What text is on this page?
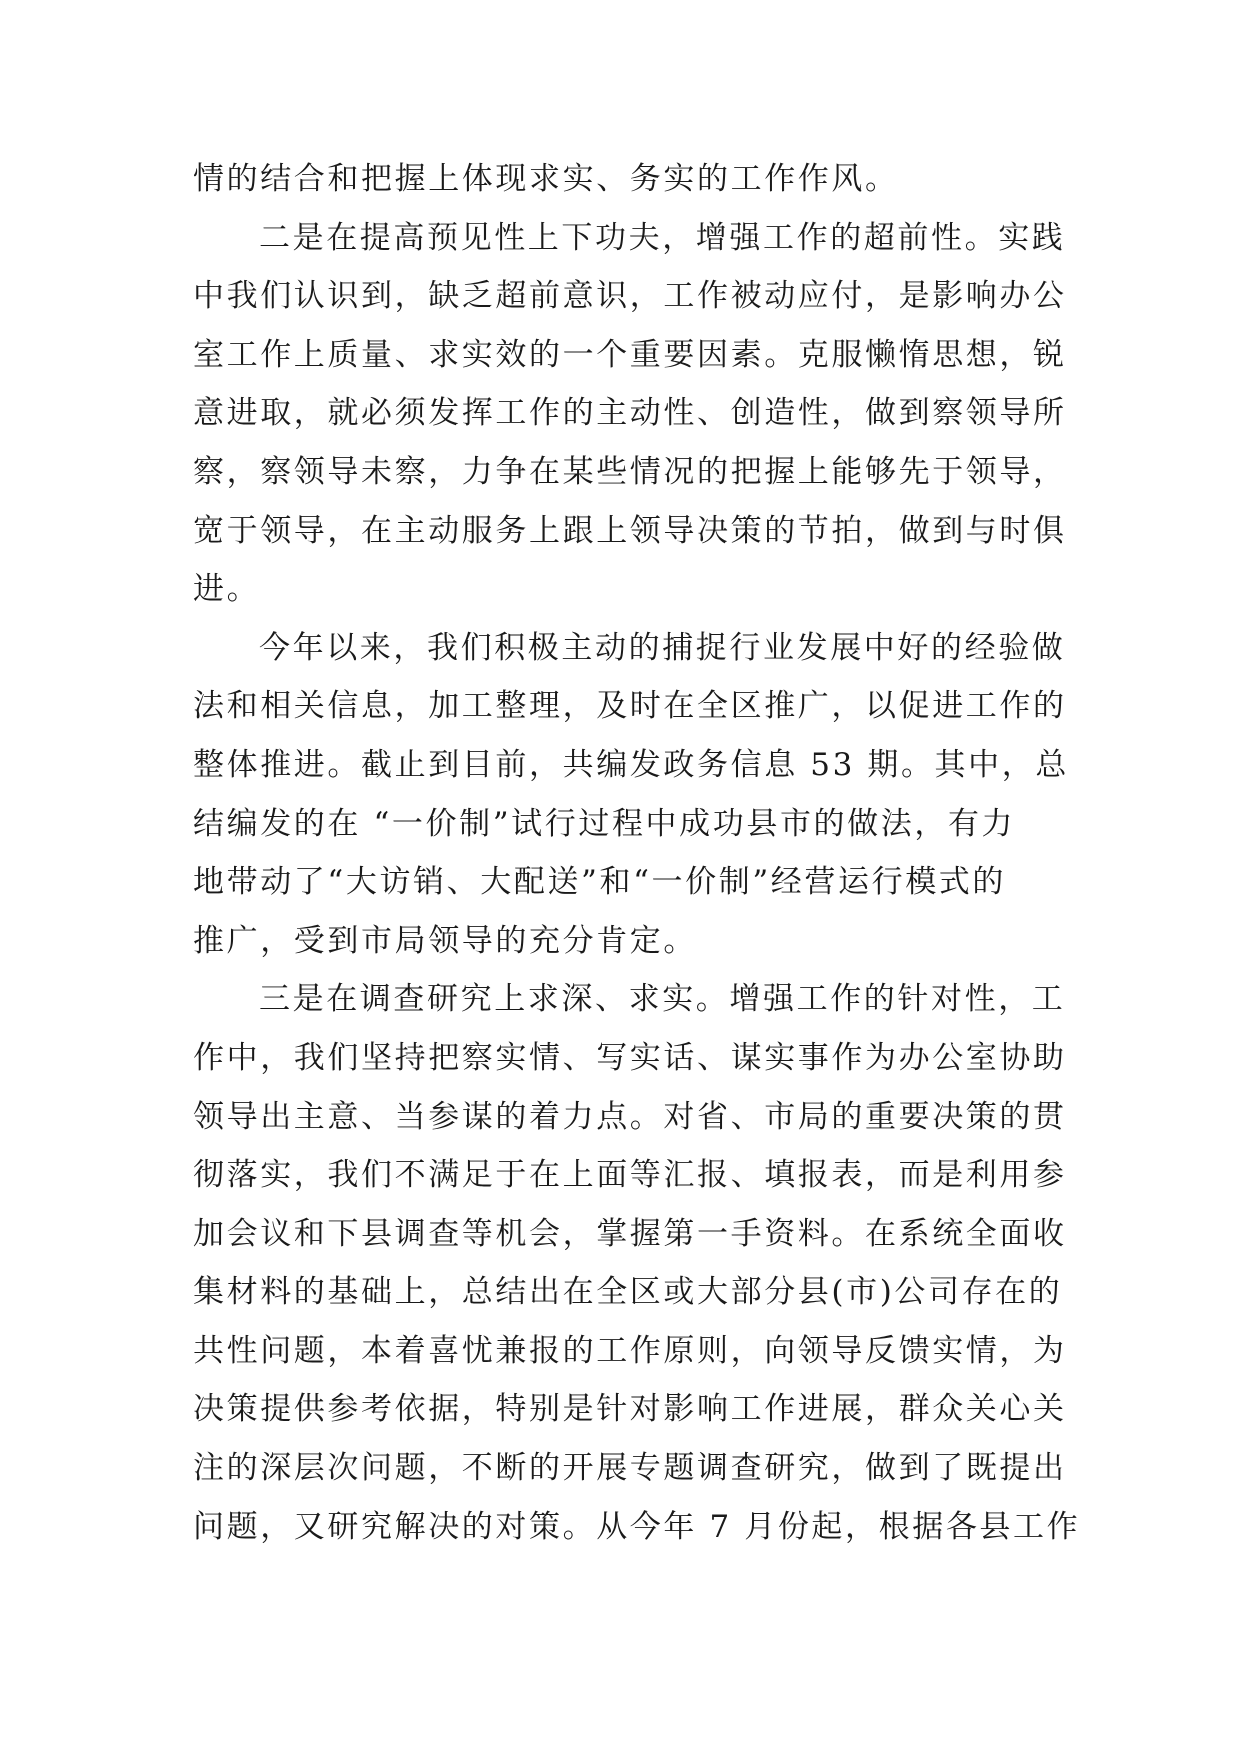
情的结合和把握上体现求实、务实的工作作风。
二是在提高预见性上下功夫，增强工作的超前性。实践
中我们认识到，缺乏超前意识，工作被动应付，是影响办公
室工作上质量、求实效的一个重要因素。克服懒惰思想，锐
意进取，就必须发挥工作的主动性、创造性，做到察领导所
察，察领导未察，力争在某些情况的把握上能够先于领导，
宽于领导，在主动服务上跟上领导决策的节拍，做到与时俱
进。
今年以来，我们积极主动的捕捉行业发展中好的经验做
法和相关信息，加工整理，及时在全区推广，以促进工作的
整体推进。截止到目前，共编发政务信息 53 期。其中，总
结编发的在 “一价制”试行过程中成功县市的做法，有力
地带动了“大访销、大配送”和“一价制”经营运行模式的
推广，受到市局领导的充分肯定。
三是在调查研究上求深、求实。增强工作的针对性，工
作中，我们坚持把察实情、写实话、谋实事作为办公室协助
领导出主意、当参谋的着力点。对省、市局的重要决策的贯
彻落实，我们不满足于在上面等汇报、填报表，而是利用参
加会议和下县调查等机会，掌握第一手资料。在系统全面收
集材料的基础上，总结出在全区或大部分县(市)公司存在的
共性问题，本着喜忧兼报的工作原则，向领导反馈实情，为
决策提供参考依据，特别是针对影响工作进展，群众关心关
注的深层次问题，不断的开展专题调查研究，做到了既提出
问题，又研究解决的对策。从今年 7 月份起，根据各县工作
